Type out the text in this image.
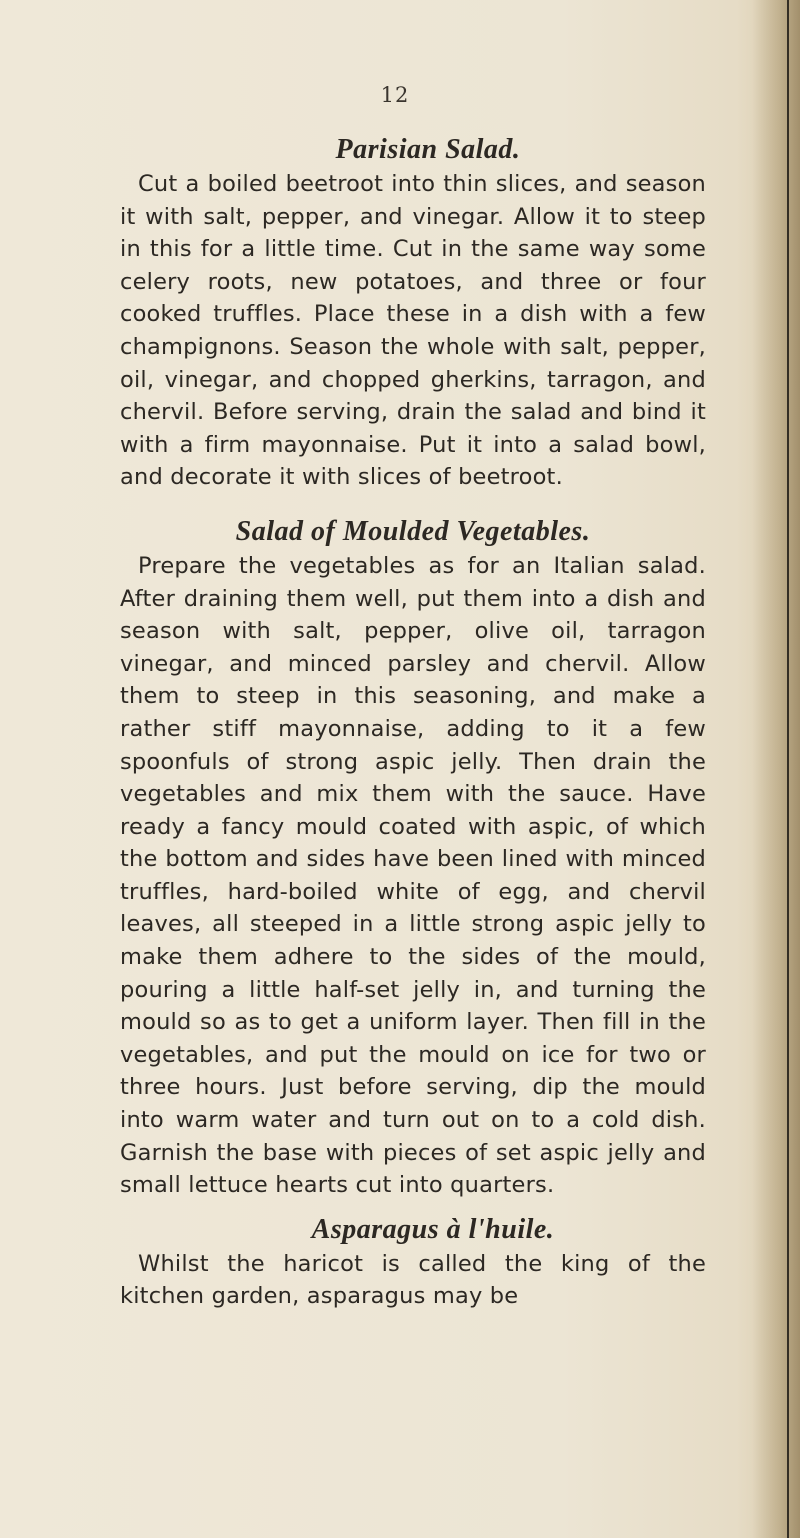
12
Parisian Salad.

Cut a boiled beetroot into thin slices, and season it with salt, pepper, and vinegar. Allow it to steep in this for a little time. Cut in the same way some celery roots, new potatoes, and three or four cooked truffles. Place these in a dish with a few champignons. Season the whole with salt, pepper, oil, vinegar, and chopped gherkins, tarragon, and chervil. Before serving, drain the salad and bind it with a firm mayonnaise. Put it into a salad bowl, and decorate it with slices of beetroot.

Salad of Moulded Vegetables.

Prepare the vegetables as for an Italian salad. After draining them well, put them into a dish and season with salt, pepper, olive oil, tarragon vinegar, and minced parsley and chervil. Allow them to steep in this seasoning, and make a rather stiff mayonnaise, adding to it a few spoonfuls of strong aspic jelly. Then drain the vegetables and mix them with the sauce. Have ready a fancy mould coated with aspic, of which the bottom and sides have been lined with minced truffles, hard-boiled white of egg, and chervil leaves, all steeped in a little strong aspic jelly to make them adhere to the sides of the mould, pouring a little half-set jelly in, and turning the mould so as to get a uniform layer. Then fill in the vegetables, and put the mould on ice for two or three hours. Just before serving, dip the mould into warm water and turn out on to a cold dish. Garnish the base with pieces of set aspic jelly and small lettuce hearts cut into quarters.

Asparagus à l'huile.

Whilst the haricot is called the king of the kitchen garden, asparagus may be
